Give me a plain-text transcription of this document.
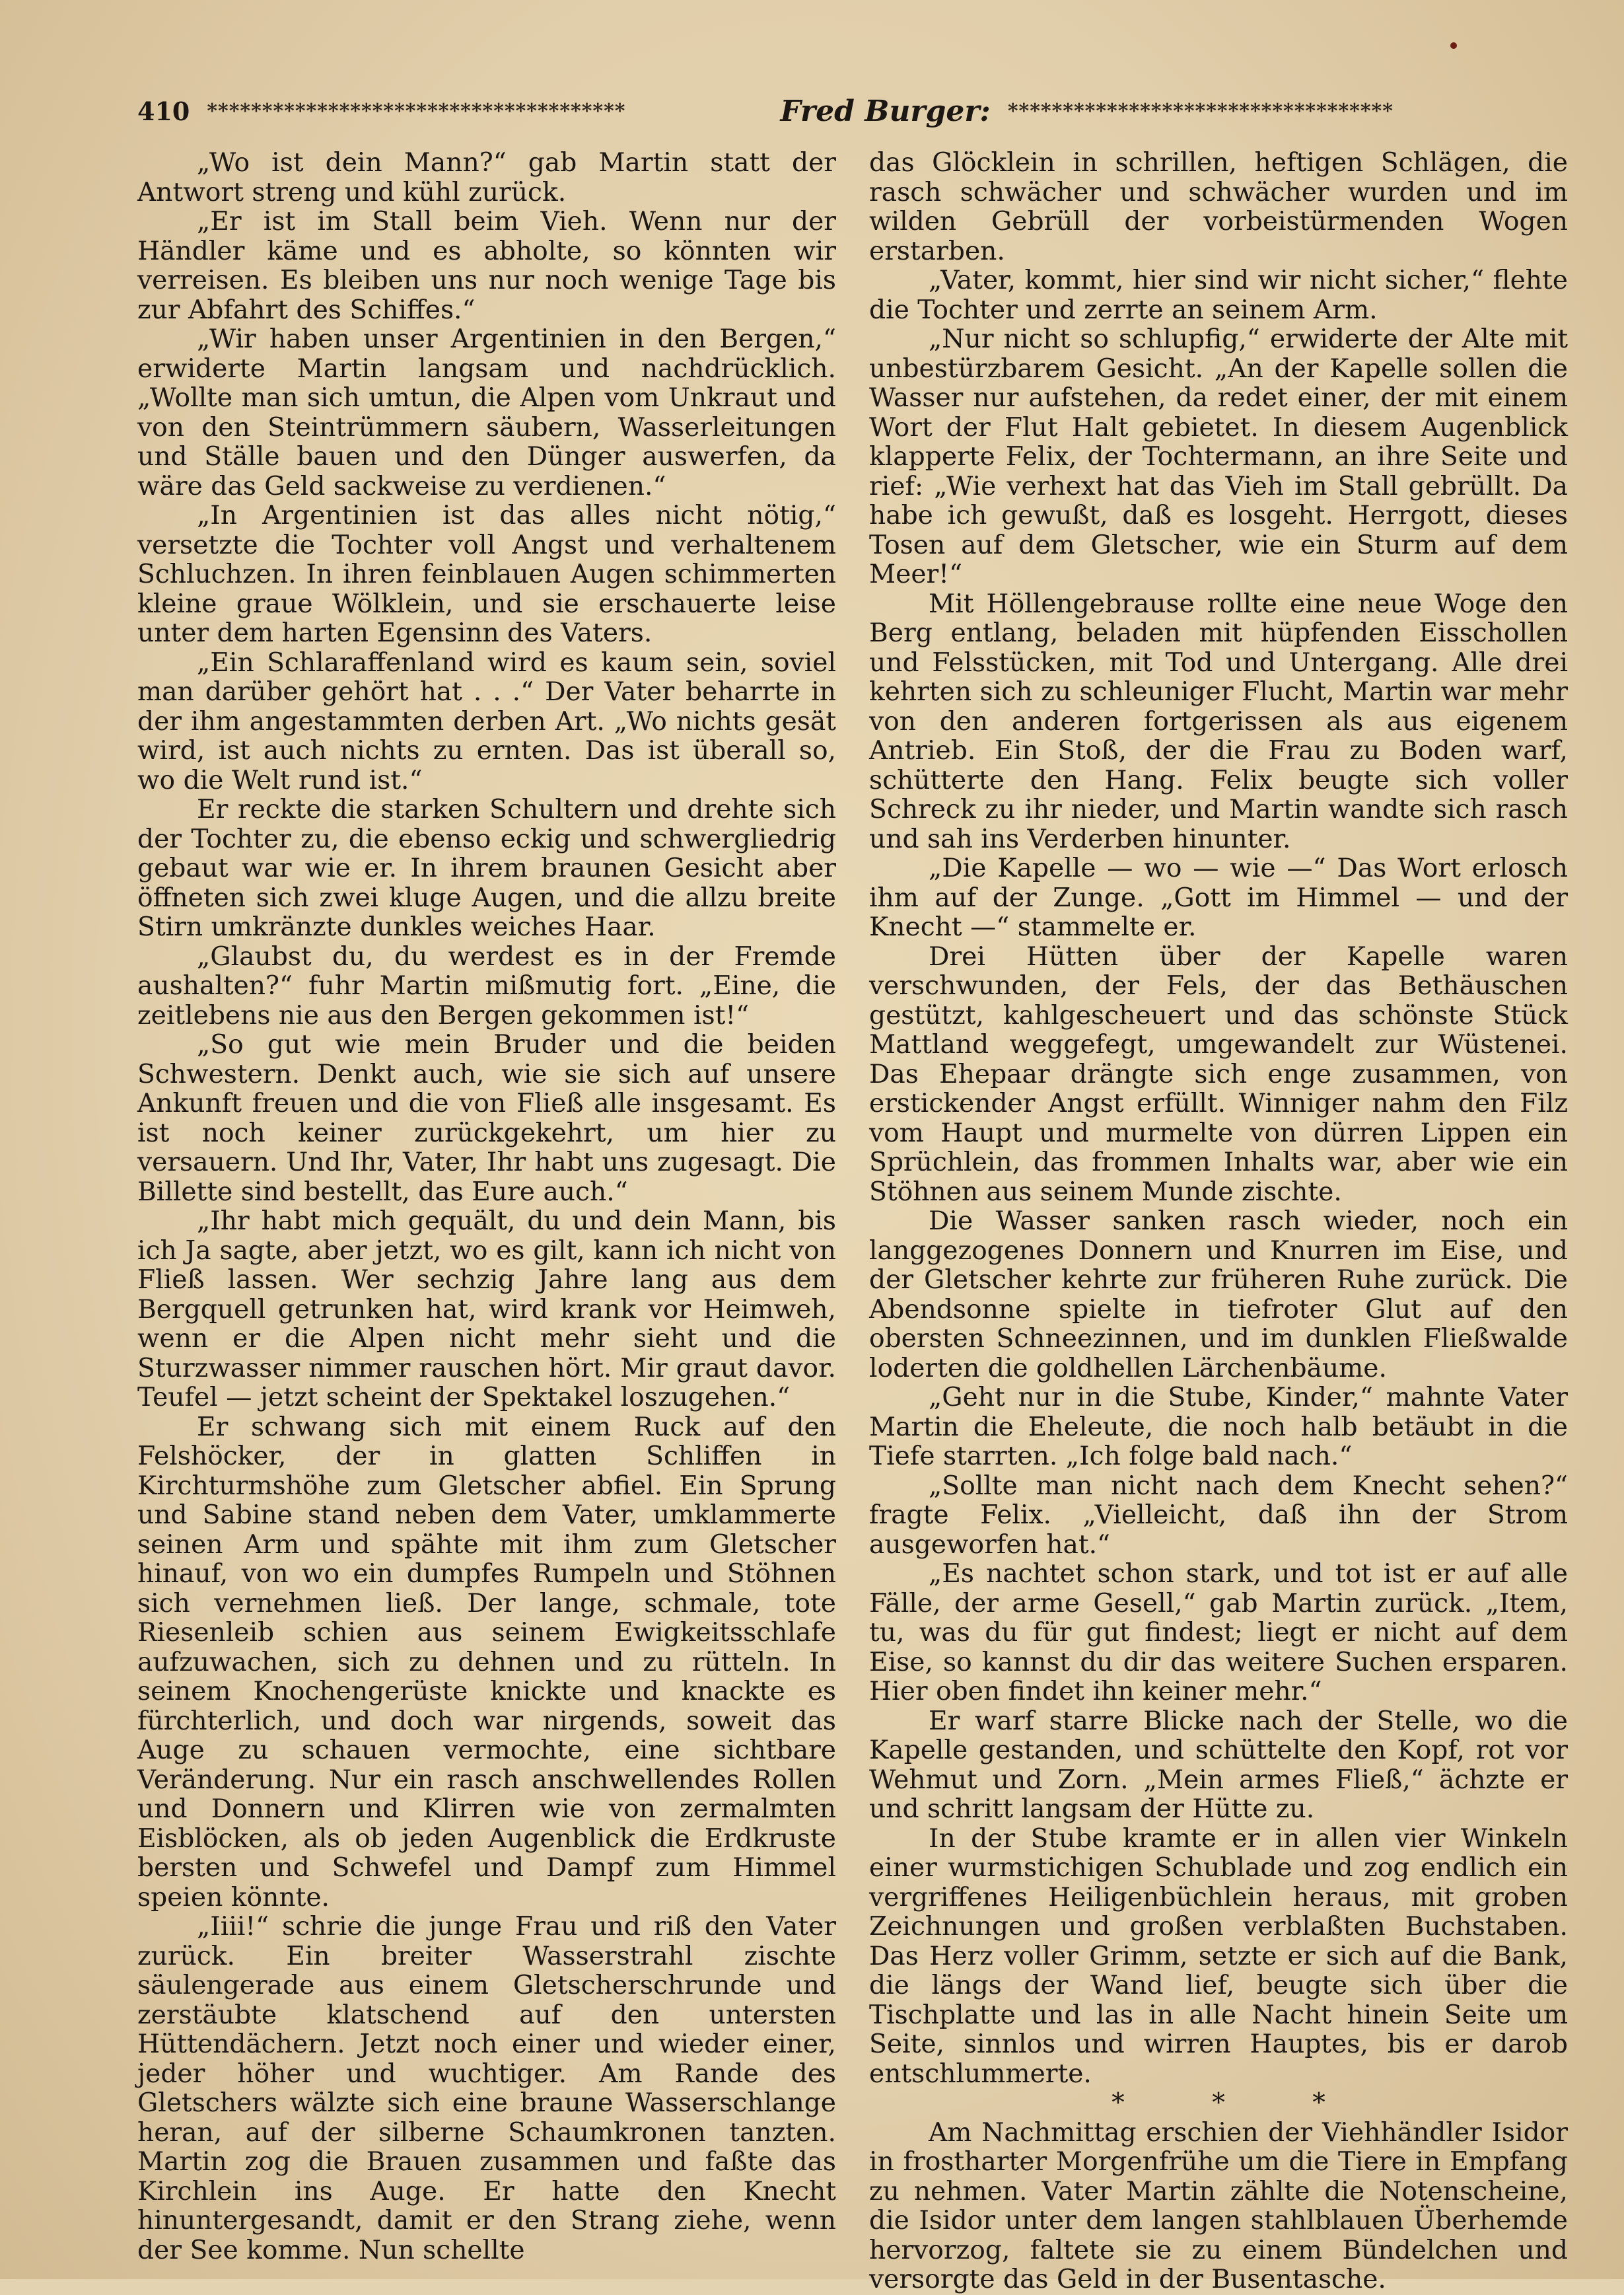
410 **************************************	Fred Burger: ***********************************

„Wo ist dein Mann?“ gab Martin statt der Antwort streng und kühl zurück.

„Er ist im Stall beim Vieh. Wenn nur der Händler käme und es abholte, so könnten wir verreisen. Es bleiben uns nur noch wenige Tage bis zur Abfahrt des Schiffes.“

„Wir haben unser Argentinien in den Bergen,“ erwiderte Martin langsam und nachdrücklich. „Wollte man sich umtun, die Alpen vom Unkraut und von den Steintrümmern säubern, Wasserleitungen und Ställe bauen und den Dünger auswerfen, da wäre das Geld sackweise zu verdienen.“

„In Argentinien ist das alles nicht nötig,“ versetzte die Tochter voll Angst und verhaltenem Schluchzen. In ihren feinblauen Augen schimmerten kleine graue Wölklein, und sie erschauerte leise unter dem harten Egensinn des Vaters.

„Ein Schlaraffenland wird es kaum sein, soviel man darüber gehört hat . . .“ Der Vater beharrte in der ihm angestammten derben Art. „Wo nichts gesät wird, ist auch nichts zu ernten. Das ist überall so, wo die Welt rund ist.“

Er reckte die starken Schultern und drehte sich der Tochter zu, die ebenso eckig und schwergliedrig gebaut war wie er. In ihrem braunen Gesicht aber öffneten sich zwei kluge Augen, und die allzu breite Stirn umkränzte dunkles weiches Haar.

„Glaubst du, du werdest es in der Fremde aushalten?“ fuhr Martin mißmutig fort. „Eine, die zeitlebens nie aus den Bergen gekommen ist!“

„So gut wie mein Bruder und die beiden Schwestern. Denkt auch, wie sie sich auf unsere Ankunft freuen und die von Fließ alle insgesamt. Es ist noch keiner zurückgekehrt, um hier zu versauern. Und Ihr, Vater, Ihr habt uns zugesagt. Die Billette sind bestellt, das Eure auch.“

„Ihr habt mich gequält, du und dein Mann, bis ich Ja sagte, aber jetzt, wo es gilt, kann ich nicht von Fließ lassen. Wer sechzig Jahre lang aus dem Bergquell getrunken hat, wird krank vor Heimweh, wenn er die Alpen nicht mehr sieht und die Sturzwasser nimmer rauschen hört. Mir graut davor. Teufel — jetzt scheint der Spektakel loszugehen.“

Er schwang sich mit einem Ruck auf den Felshöcker, der in glatten Schliffen in Kirchturmshöhe zum Gletscher abfiel. Ein Sprung und Sabine stand neben dem Vater, umklammerte seinen Arm und spähte mit ihm zum Gletscher hinauf, von wo ein dumpfes Rumpeln und Stöhnen sich vernehmen ließ. Der lange, schmale, tote Riesenleib schien aus seinem Ewigkeitsschlafe aufzuwachen, sich zu dehnen und zu rütteln. In seinem Knochengerüste knickte und knackte es fürchterlich, und doch war nirgends, soweit das Auge zu schauen vermochte, eine sichtbare Veränderung. Nur ein rasch anschwellendes Rollen und Donnern und Klirren wie von zermalmten Eisblöcken, als ob jeden Augenblick die Erdkruste bersten und Schwefel und Dampf zum Himmel speien könnte.

„Iiii!“ schrie die junge Frau und riß den Vater zurück. Ein breiter Wasserstrahl zischte säulengerade aus einem Gletscherschrunde und zerstäubte klatschend auf den untersten Hüttendächern. Jetzt noch einer und wieder einer, jeder höher und wuchtiger. Am Rande des Gletschers wälzte sich eine braune Wasserschlange heran, auf der silberne Schaumkronen tanzten. Martin zog die Brauen zusammen und faßte das Kirchlein ins Auge. Er hatte den Knecht hinuntergesandt, damit er den Strang ziehe, wenn der See komme. Nun schellte

das Glöcklein in schrillen, heftigen Schlägen, die rasch schwächer und schwächer wurden und im wilden Gebrüll der vorbeistürmenden Wogen erstarben.

„Vater, kommt, hier sind wir nicht sicher,“ flehte die Tochter und zerrte an seinem Arm.

„Nur nicht so schlupfig,“ erwiderte der Alte mit unbestürzbarem Gesicht. „An der Kapelle sollen die Wasser nur aufstehen, da redet einer, der mit einem Wort der Flut Halt gebietet. In diesem Augenblick klapperte Felix, der Tochtermann, an ihre Seite und rief: „Wie verhext hat das Vieh im Stall gebrüllt. Da habe ich gewußt, daß es losgeht. Herrgott, dieses Tosen auf dem Gletscher, wie ein Sturm auf dem Meer!“

Mit Höllengebrause rollte eine neue Woge den Berg entlang, beladen mit hüpfenden Eisschollen und Felsstücken, mit Tod und Untergang. Alle drei kehrten sich zu schleuniger Flucht, Martin war mehr von den anderen fortgerissen als aus eigenem Antrieb. Ein Stoß, der die Frau zu Boden warf, schütterte den Hang. Felix beugte sich voller Schreck zu ihr nieder, und Martin wandte sich rasch und sah ins Verderben hinunter.

„Die Kapelle — wo — wie —“ Das Wort erlosch ihm auf der Zunge. „Gott im Himmel — und der Knecht —“ stammelte er.

Drei Hütten über der Kapelle waren verschwunden, der Fels, der das Bethäuschen gestützt, kahlgescheuert und das schönste Stück Mattland weggefegt, umgewandelt zur Wüstenei. Das Ehepaar drängte sich enge zusammen, von erstickender Angst erfüllt. Winniger nahm den Filz vom Haupt und murmelte von dürren Lippen ein Sprüchlein, das frommen Inhalts war, aber wie ein Stöhnen aus seinem Munde zischte.

Die Wasser sanken rasch wieder, noch ein langgezogenes Donnern und Knurren im Eise, und der Gletscher kehrte zur früheren Ruhe zurück. Die Abendsonne spielte in tiefroter Glut auf den obersten Schneezinnen, und im dunklen Fließwalde loderten die goldhellen Lärchenbäume.

„Geht nur in die Stube, Kinder,“ mahnte Vater Martin die Eheleute, die noch halb betäubt in die Tiefe starrten. „Ich folge bald nach.“

„Sollte man nicht nach dem Knecht sehen?“ fragte Felix. „Vielleicht, daß ihn der Strom ausgeworfen hat.“

„Es nachtet schon stark, und tot ist er auf alle Fälle, der arme Gesell,“ gab Martin zurück. „Item, tu, was du für gut findest; liegt er nicht auf dem Eise, so kannst du dir das weitere Suchen ersparen. Hier oben findet ihn keiner mehr.“

Er warf starre Blicke nach der Stelle, wo die Kapelle gestanden, und schüttelte den Kopf, rot vor Wehmut und Zorn. „Mein armes Fließ,“ ächzte er und schritt langsam der Hütte zu.

In der Stube kramte er in allen vier Winkeln einer wurmstichigen Schublade und zog endlich ein vergriffenes Heiligenbüchlein heraus, mit groben Zeichnungen und großen verblaßten Buchstaben. Das Herz voller Grimm, setzte er sich auf die Bank, die längs der Wand lief, beugte sich über die Tischplatte und las in alle Nacht hinein Seite um Seite, sinnlos und wirren Hauptes, bis er darob entschlummerte.

* * *

Am Nachmittag erschien der Viehhändler Isidor in frostharter Morgenfrühe um die Tiere in Empfang zu nehmen. Vater Martin zählte die Notenscheine, die Isidor unter dem langen stahlblauen Überhemde hervorzog, faltete sie zu einem Bündelchen und versorgte das Geld in der Busentasche.
